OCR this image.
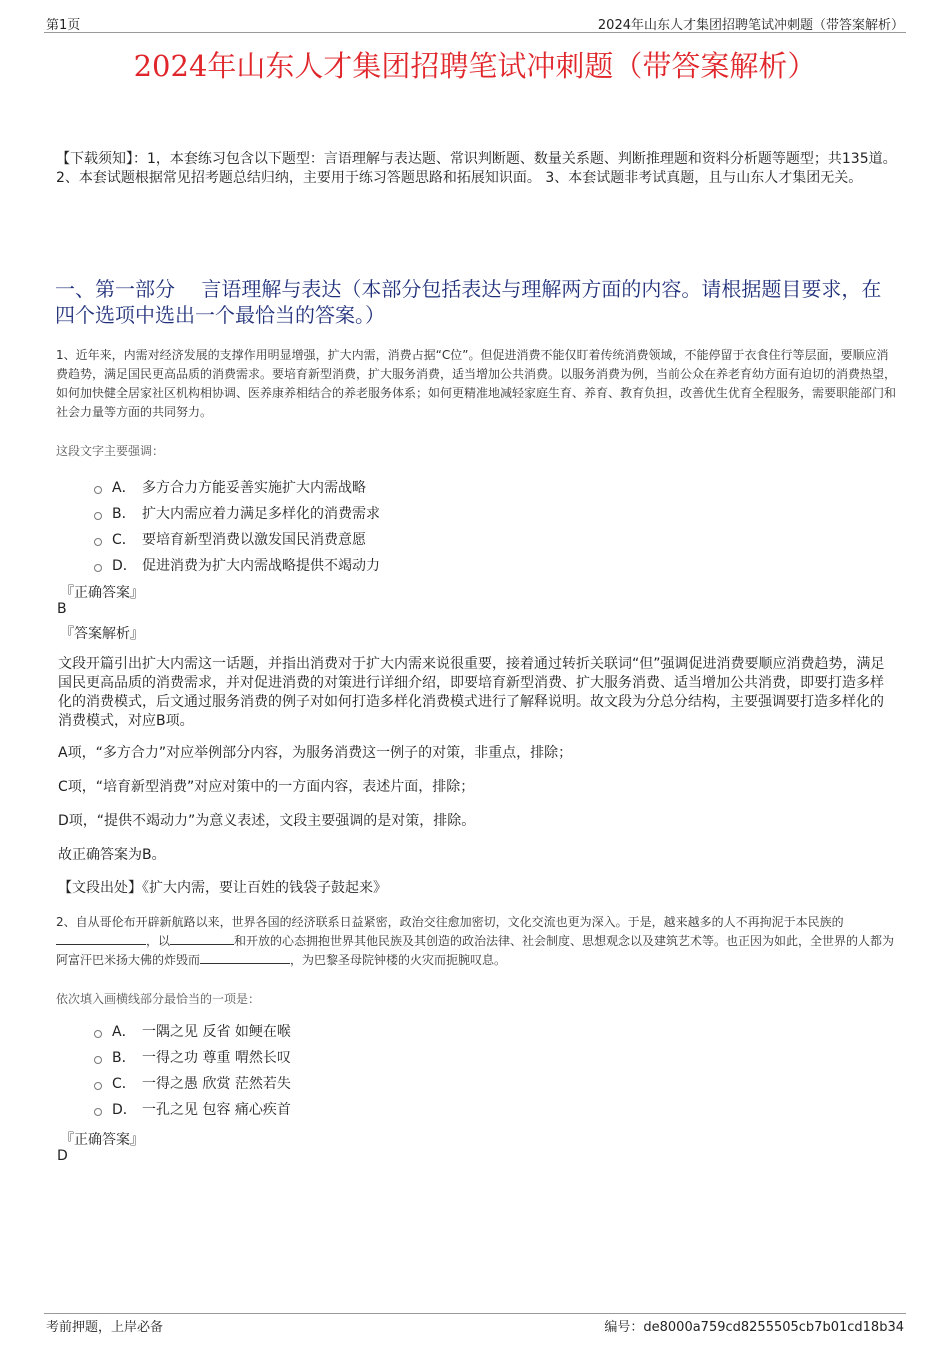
第1页	2024年山东人才集团招聘笔试冲刺题（带答案解析）
2024年山东人才集团招聘笔试冲刺题（带答案解析）
【下载须知】：1，本套练习包含以下题型：言语理解与表达题、常识判断题、数量关系题、判断推理题和资料分析题等题型；共135道。 2、本套试题根据常见招考题总结归纳，主要用于练习答题思路和拓展知识面。 3、本套试题非考试真题，且与山东人才集团无关。
一、第一部分　 言语理解与表达（本部分包括表达与理解两方面的内容。请根据题目要求，在四个选项中选出一个最恰当的答案。）
1、近年来，内需对经济发展的支撑作用明显增强，扩大内需，消费占据“C位”。但促进消费不能仅盯着传统消费领域，不能停留于衣食住行等层面，要顺应消费趋势，满足国民更高品质的消费需求。要培育新型消费，扩大服务消费，适当增加公共消费。以服务消费为例，当前公众在养老育幼方面有迫切的消费热望，如何加快健全居家社区机构相协调、医养康养相结合的养老服务体系；如何更精准地减轻家庭生育、养育、教育负担，改善优生优育全程服务，需要职能部门和社会力量等方面的共同努力。
这段文字主要强调：
A． 多方合力方能妥善实施扩大内需战略
B． 扩大内需应着力满足多样化的消费需求
C． 要培育新型消费以激发国民消费意愿
D． 促进消费为扩大内需战略提供不竭动力
『正确答案』
B
『答案解析』
文段开篇引出扩大内需这一话题，并指出消费对于扩大内需来说很重要，接着通过转折关联词“但”强调促进消费要顺应消费趋势，满足国民更高品质的消费需求，并对促进消费的对策进行详细介绍，即要培育新型消费、扩大服务消费、适当增加公共消费，即要打造多样化的消费模式，后文通过服务消费的例子对如何打造多样化消费模式进行了解释说明。故文段为分总分结构，主要强调要打造多样化的消费模式，对应B项。
A项，“多方合力”对应举例部分内容，为服务消费这一例子的对策，非重点，排除；
C项，“培育新型消费”对应对策中的一方面内容，表述片面，排除；
D项，“提供不竭动力”为意义表述，文段主要强调的是对策，排除。
故正确答案为B。
【文段出处】《扩大内需，要让百姓的钱袋子鼓起来》
2、自从哥伦布开辟新航路以来，世界各国的经济联系日益紧密，政治交往愈加密切，文化交流也更为深入。于是，越来越多的人不再拘泥于本民族的，以	和开放的心态拥抱世界其他民族及其创造的政治法律、社会制度、思想观念以及建筑艺术等。也正因为如此，全世界的人都为阿富汗巴米扬大佛的炸毁而	，为巴黎圣母院钟楼的火灾而扼腕叹息。
依次填入画横线部分最恰当的一项是：
A． 一隅之见 反省 如鲠在喉
B． 一得之功 尊重 喟然长叹
C． 一得之愚 欣赏 茫然若失
D． 一孔之见 包容 痛心疾首
『正确答案』
D
考前押题，上岸必备	编号：de8000a759cd8255505cb7b01cd18b34
